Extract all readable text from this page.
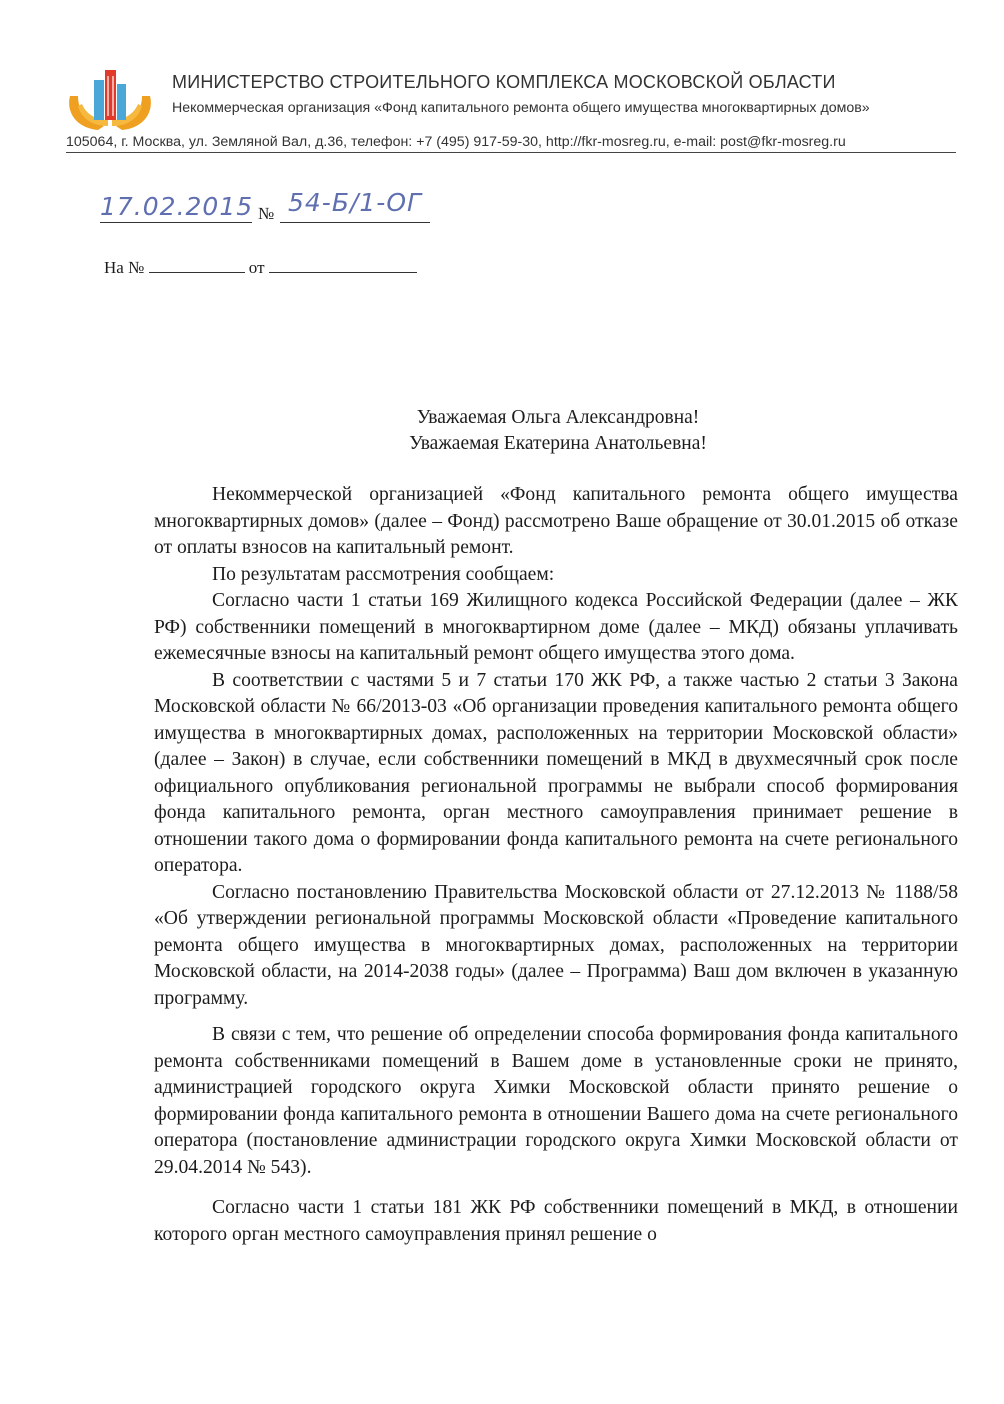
МИНИСТЕРСТВО СТРОИТЕЛЬНОГО КОМПЛЕКСА МОСКОВСКОЙ ОБЛАСТИ
Некоммерческая организация «Фонд капитального ремонта общего имущества многоквартирных домов»
105064, г. Москва, ул. Земляной Вал, д.36, телефон: +7 (495) 917-59-30, http://fkr-mosreg.ru, e-mail: post@fkr-mosreg.ru
17.02.2015 № 54-Б/1-ОГ
На №	от
Уважаемая Ольга Александровна!
Уважаемая Екатерина Анатольевна!

Некоммерческой организацией «Фонд капитального ремонта общего имущества многоквартирных домов» (далее – Фонд) рассмотрено Ваше обращение от 30.01.2015 об отказе от оплаты взносов на капитальный ремонт.

По результатам рассмотрения сообщаем:

Согласно части 1 статьи 169 Жилищного кодекса Российской Федерации (далее – ЖК РФ) собственники помещений в многоквартирном доме (далее – МКД) обязаны уплачивать ежемесячные взносы на капитальный ремонт общего имущества этого дома.

В соответствии с частями 5 и 7 статьи 170 ЖК РФ, а также частью 2 статьи 3 Закона Московской области № 66/2013-03 «Об организации проведения капитального ремонта общего имущества в многоквартирных домах, расположенных на территории Московской области» (далее – Закон) в случае, если собственники помещений в МКД в двухмесячный срок после официального опубликования региональной программы не выбрали способ формирования фонда капитального ремонта, орган местного самоуправления принимает решение в отношении такого дома о формировании фонда капитального ремонта на счете регионального оператора.

Согласно постановлению Правительства Московской области от 27.12.2013 № 1188/58 «Об утверждении региональной программы Московской области «Проведение капитального ремонта общего имущества в многоквартирных домах, расположенных на территории Московской области, на 2014-2038 годы» (далее – Программа) Ваш дом включен в указанную программу.

В связи с тем, что решение об определении способа формирования фонда капитального ремонта собственниками помещений в Вашем доме в установленные сроки не принято, администрацией городского округа Химки Московской области принято решение о формировании фонда капитального ремонта в отношении Вашего дома на счете регионального оператора (постановление администрации городского округа Химки Московской области от 29.04.2014 № 543).

Согласно части 1 статьи 181 ЖК РФ собственники помещений в МКД, в отношении которого орган местного самоуправления принял решение о
